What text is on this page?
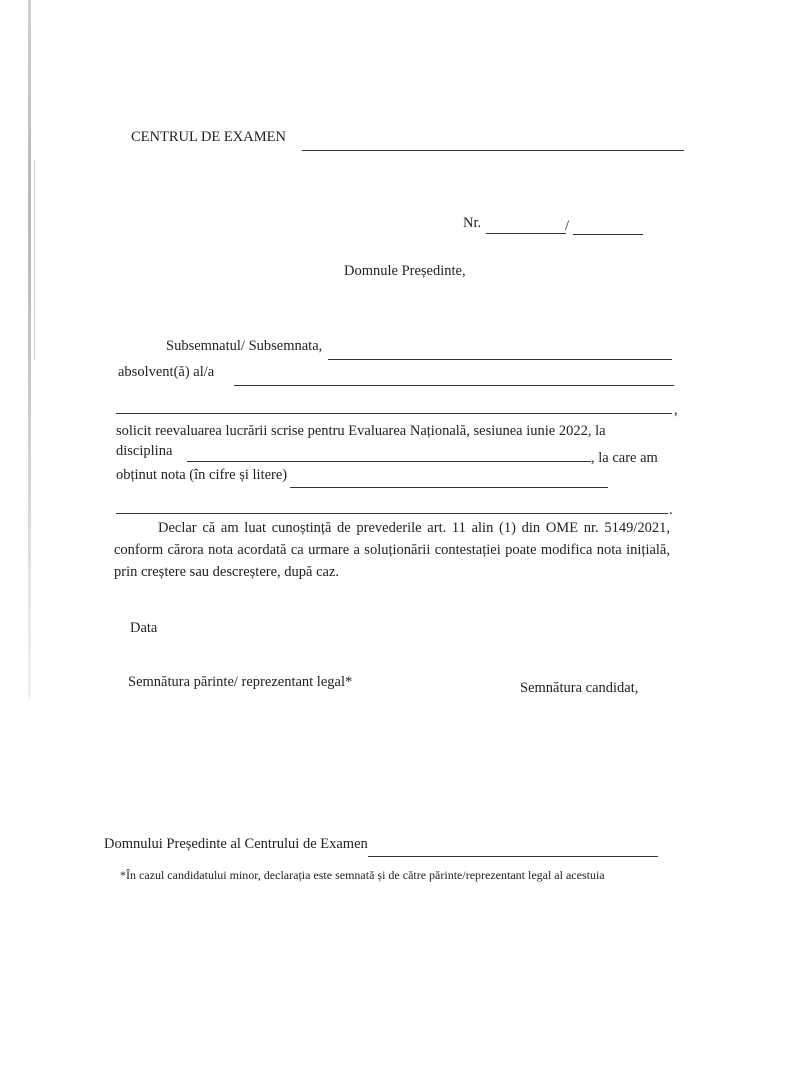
CENTRUL DE EXAMEN
Nr.	/
Domnule Președinte,
Subsemnatul/ Subsemnata,
absolvent(ă) al/a
,
solicit reevaluarea lucrării scrise pentru Evaluarea Națională, sesiunea iunie 2022, la
disciplina	, la care am
obținut nota (în cifre și litere)
.
Declar că am luat cunoștință de prevederile art. 11 alin (1) din OME nr. 5149/2021, conform cărora nota acordată ca urmare a soluționării contestației poate modifica nota inițială, prin creștere sau descreștere, după caz.
Data
Semnătura părinte/ reprezentant legal*	Semnătura candidat,
Domnului Președinte al Centrului de Examen
*În cazul candidatului minor, declarația este semnată și de către părinte/reprezentant legal al acestuia
